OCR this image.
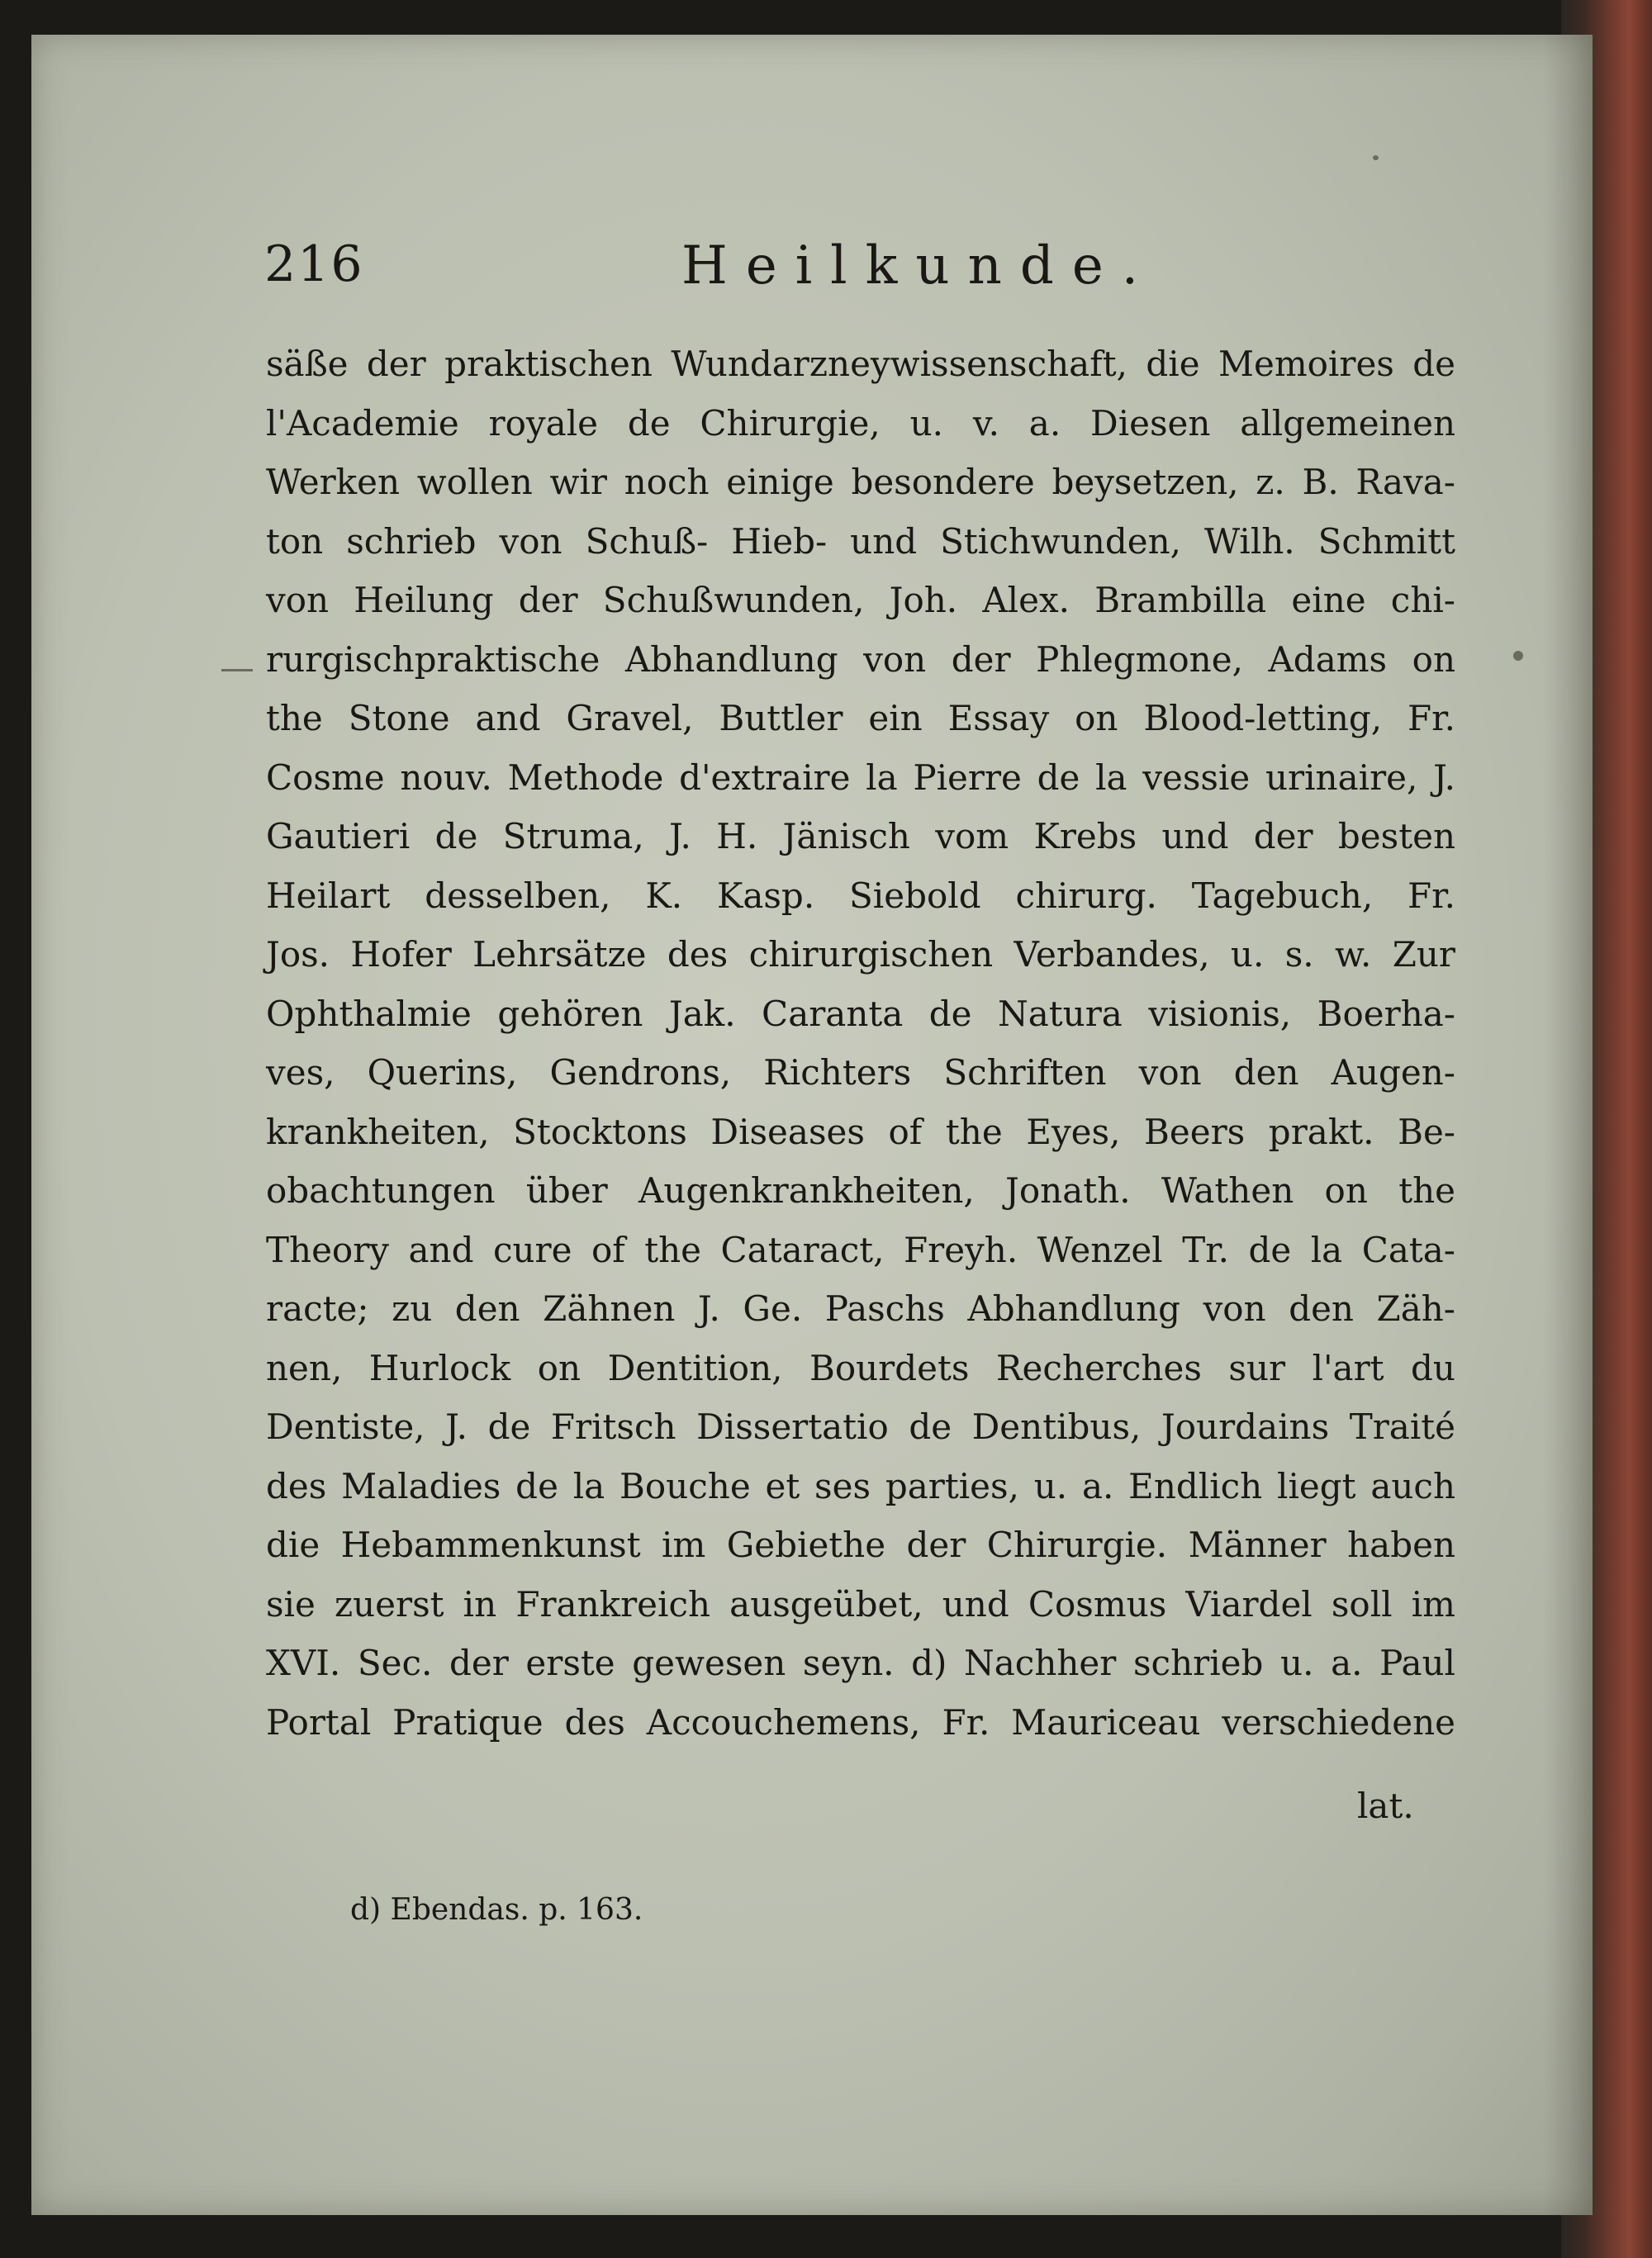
216	Heilkunde.
säße der praktischen Wundarzneywissenschaft, die Memoires de
l'Academie royale de Chirurgie, u. v. a. Diesen allgemeinen
Werken wollen wir noch einige besondere beysetzen, z. B. Rava-
ton schrieb von Schuß- Hieb- und Stichwunden, Wilh. Schmitt
von Heilung der Schußwunden, Joh. Alex. Brambilla eine chi-
rurgischpraktische Abhandlung von der Phlegmone, Adams on
the Stone and Gravel, Buttler ein Essay on Blood-letting, Fr.
Cosme nouv. Methode d'extraire la Pierre de la vessie urinaire, J.
Gautieri de Struma, J. H. Jänisch vom Krebs und der besten
Heilart desselben, K. Kasp. Siebold chirurg. Tagebuch, Fr.
Jos. Hofer Lehrsätze des chirurgischen Verbandes, u. s. w. Zur
Ophthalmie gehören Jak. Caranta de Natura visionis, Boerha-
ves, Querins, Gendrons, Richters Schriften von den Augen-
krankheiten, Stocktons Diseases of the Eyes, Beers prakt. Be-
obachtungen über Augenkrankheiten, Jonath. Wathen on the
Theory and cure of the Cataract, Freyh. Wenzel Tr. de la Cata-
racte; zu den Zähnen J. Ge. Paschs Abhandlung von den Zäh-
nen, Hurlock on Dentition, Bourdets Recherches sur l'art du
Dentiste, J. de Fritsch Dissertatio de Dentibus, Jourdains Traité
des Maladies de la Bouche et ses parties, u. a. Endlich liegt auch
die Hebammenkunst im Gebiethe der Chirurgie. Männer haben
sie zuerst in Frankreich ausgeübet, und Cosmus Viardel soll im
XVI. Sec. der erste gewesen seyn. d) Nachher schrieb u. a. Paul
Portal Pratique des Accouchemens, Fr. Mauriceau verschiedene
lat.
d) Ebendas. p. 163.
